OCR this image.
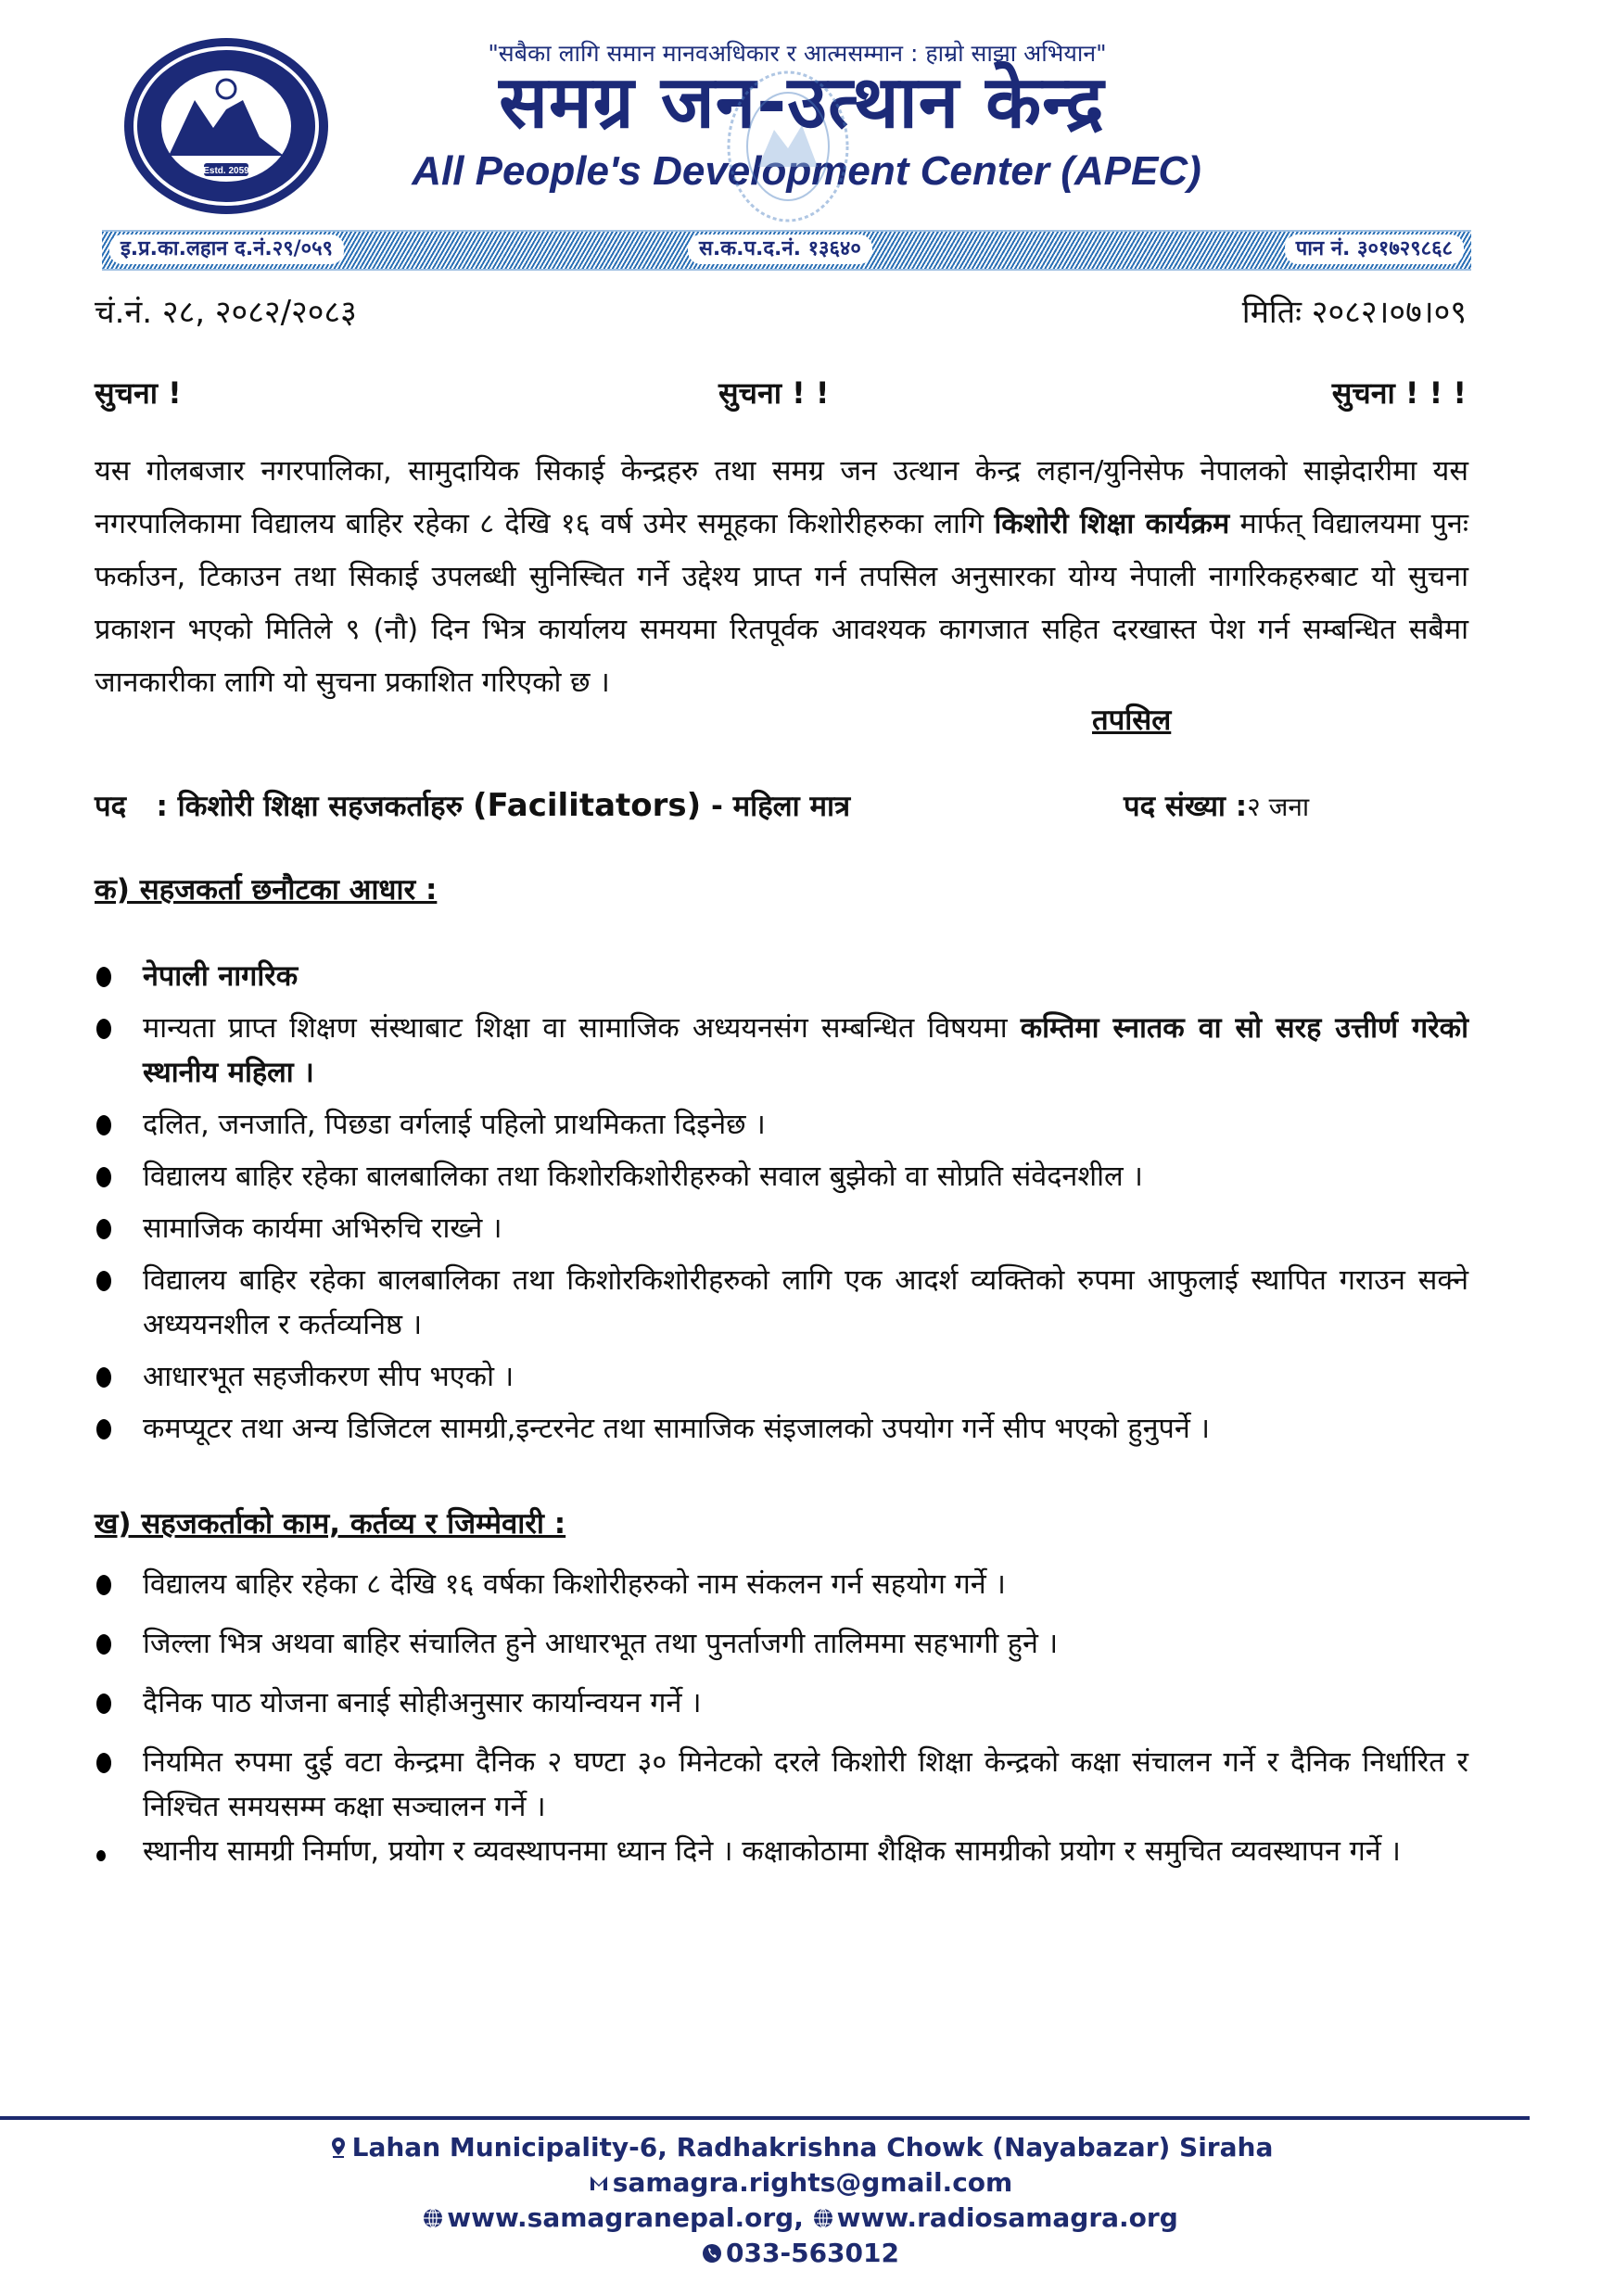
Estd. 2059
"सबैका लागि समान मानवअधिकार र आत्मसम्मान : हाम्रो साझा अभियान"
समग्र जन-उत्थान केन्द्र
All People's Development Center (APEC)
इ.प्र.का.लहान द.नं.२९/०५९	स.क.प.द.नं. १३६४०	पान नं. ३०१७२९८६८
चं.नं. २८, २०८२/२०८३	मितिः २०८२।०७।०९
सुचना !	सुचना ! !	सुचना ! ! !
यस गोलबजार नगरपालिका, सामुदायिक सिकाई केन्द्रहरु तथा समग्र जन उत्थान केन्द्र लहान/युनिसेफ नेपालको साझेदारीमा यस नगरपालिकामा विद्यालय बाहिर रहेका ८ देखि १६ वर्ष उमेर समूहका किशोरीहरुका लागि किशोरी शिक्षा कार्यक्रम मार्फत् विद्यालयमा पुनः फर्काउन, टिकाउन तथा सिकाई उपलब्धी सुनिस्चित गर्ने उद्देश्य प्राप्त गर्न तपसिल अनुसारका योग्य नेपाली नागरिकहरुबाट यो सुचना प्रकाशन भएको मितिले ९ (नौ) दिन भित्र कार्यालय समयमा रितपूर्वक आवश्यक कागजात सहित दरखास्त पेश गर्न सम्बन्धित सबैमा जानकारीका लागि यो सुचना प्रकाशित गरिएको छ ।
तपसिल
पद : किशोरी शिक्षा सहजकर्ताहरु (Facilitators) - महिला मात्र	पद संख्या :२ जना
क) सहजकर्ता छनौटका आधार :
नेपाली नागरिक
मान्यता प्राप्त शिक्षण संस्थाबाट शिक्षा वा सामाजिक अध्ययनसंग सम्बन्धित विषयमा कम्तिमा स्नातक वा सो सरह उत्तीर्ण गरेको स्थानीय महिला ।
दलित, जनजाति, पिछडा वर्गलाई पहिलो प्राथमिकता दिइनेछ ।
विद्यालय बाहिर रहेका बालबालिका तथा किशोरकिशोरीहरुको सवाल बुझेको वा सोप्रति संवेदनशील ।
सामाजिक कार्यमा अभिरुचि राख्ने ।
विद्यालय बाहिर रहेका बालबालिका तथा किशोरकिशोरीहरुको लागि एक आदर्श व्यक्तिको रुपमा आफुलाई स्थापित गराउन सक्ने अध्ययनशील र कर्तव्यनिष्ठ ।
आधारभूत सहजीकरण सीप भएको ।
कमप्यूटर तथा अन्य डिजिटल सामग्री,इन्टरनेट तथा सामाजिक संइजालको उपयोग गर्ने सीप भएको हुनुपर्ने ।
ख) सहजकर्ताको काम, कर्तव्य र जिम्मेवारी :
विद्यालय बाहिर रहेका ८ देखि १६ वर्षका किशोरीहरुको नाम संकलन गर्न सहयोग गर्ने ।
जिल्ला भित्र अथवा बाहिर संचालित हुने आधारभूत तथा पुनर्ताजगी तालिममा सहभागी हुने ।
दैनिक पाठ योजना बनाई सोहीअनुसार कार्यान्वयन गर्ने ।
नियमित रुपमा दुई वटा केन्द्रमा दैनिक २ घण्टा ३० मिनेटको दरले किशोरी शिक्षा केन्द्रको कक्षा संचालन गर्ने र दैनिक निर्धारित र निश्चित समयसम्म कक्षा सञ्चालन गर्ने ।
स्थानीय सामग्री निर्माण, प्रयोग र व्यवस्थापनमा ध्यान दिने । कक्षाकोठामा शैक्षिक सामग्रीको प्रयोग र समुचित व्यवस्थापन गर्ने ।
Lahan Municipality-6, Radhakrishna Chowk (Nayabazar) Siraha
samagra.rights@gmail.com
www.samagranepal.org, www.radiosamagra.org
033-563012
